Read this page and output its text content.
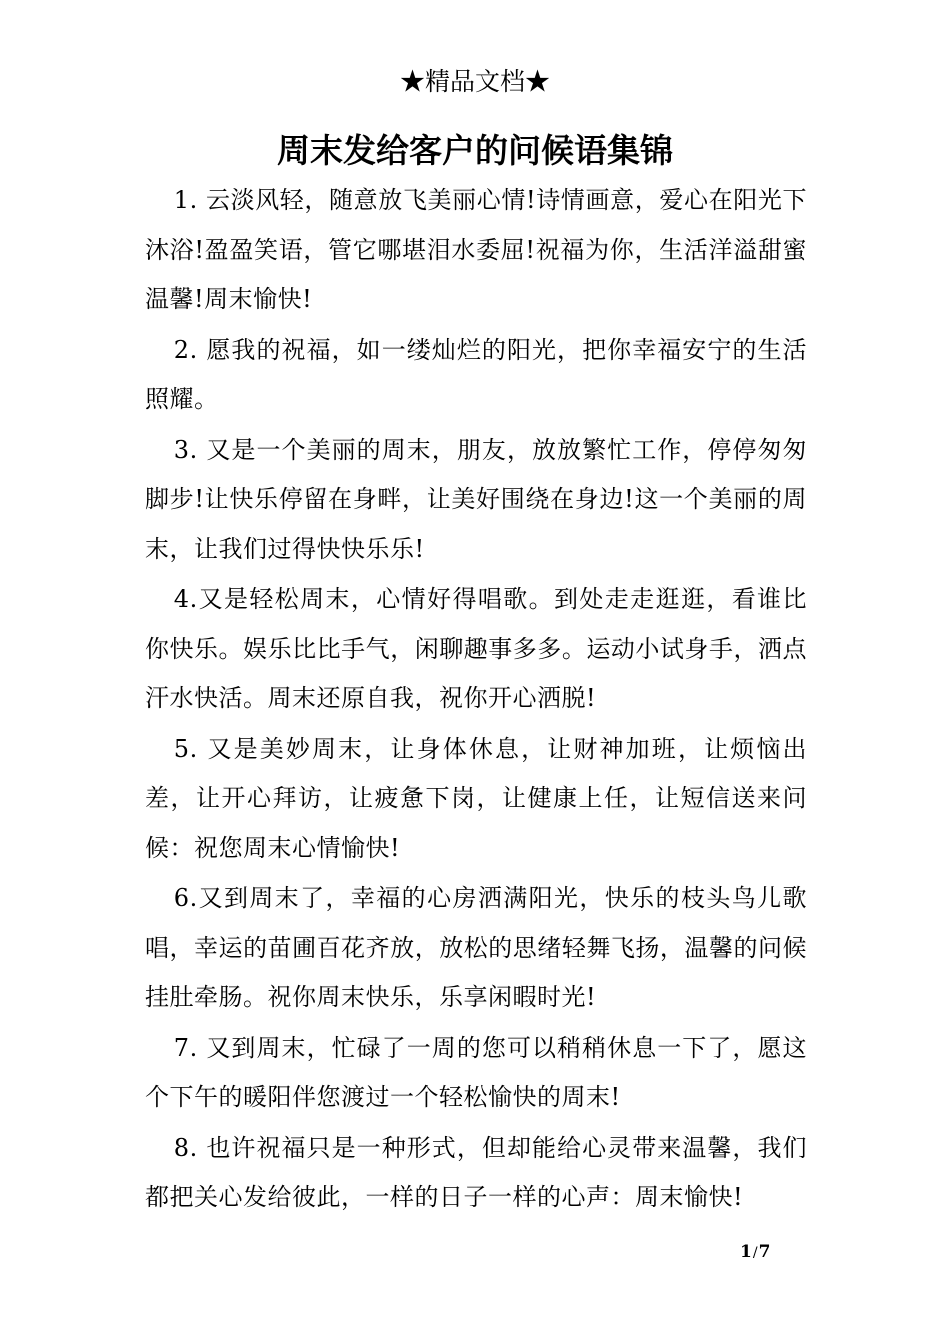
★精品文档★
周末发给客户的问候语集锦

1. 云淡风轻，随意放飞美丽心情!诗情画意，爱心在阳光下沐浴!盈盈笑语，管它哪堪泪水委屈!祝福为你，生活洋溢甜蜜温馨!周末愉快!

2. 愿我的祝福，如一缕灿烂的阳光，把你幸福安宁的生活照耀。

3. 又是一个美丽的周末，朋友，放放繁忙工作，停停匆匆脚步!让快乐停留在身畔，让美好围绕在身边!这一个美丽的周末，让我们过得快快乐乐!

4.又是轻松周末，心情好得唱歌。到处走走逛逛，看谁比你快乐。娱乐比比手气，闲聊趣事多多。运动小试身手，洒点汗水快活。周末还原自我，祝你开心洒脱!

5. 又是美妙周末，让身体休息，让财神加班，让烦恼出差，让开心拜访，让疲惫下岗，让健康上任，让短信送来问候：祝您周末心情愉快!

6.又到周末了，幸福的心房洒满阳光，快乐的枝头鸟儿歌唱，幸运的苗圃百花齐放，放松的思绪轻舞飞扬，温馨的问候挂肚牵肠。祝你周末快乐，乐享闲暇时光!

7. 又到周末，忙碌了一周的您可以稍稍休息一下了，愿这个下午的暖阳伴您渡过一个轻松愉快的周末!

8. 也许祝福只是一种形式，但却能给心灵带来温馨，我们都把关心发给彼此，一样的日子一样的心声：周末愉快!

1/7
